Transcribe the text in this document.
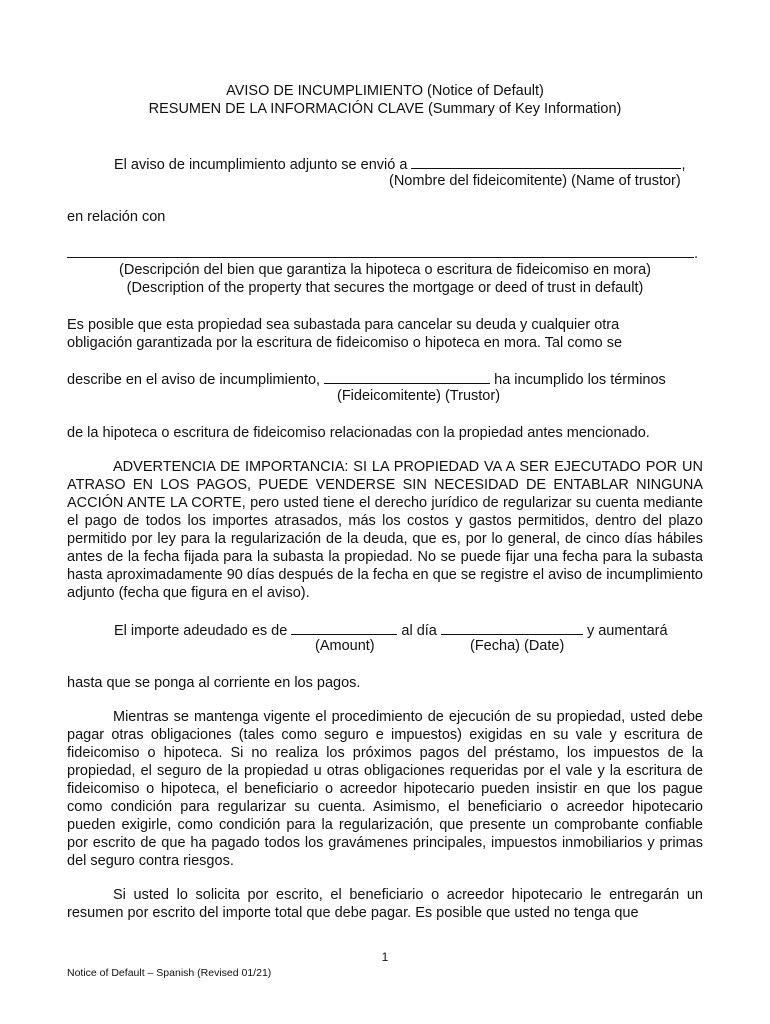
AVISO DE INCUMPLIMIENTO (Notice of Default)
RESUMEN DE LA INFORMACIÓN CLAVE (Summary of Key Information)
El aviso de incumplimiento adjunto se envió a	,
(Nombre del fideicomitente) (Name of trustor)
en relación con
.
(Descripción del bien que garantiza la hipoteca o escritura de fideicomiso en mora)
(Description of the property that secures the mortgage or deed of trust in default)
Es posible que esta propiedad sea subastada para cancelar su deuda y cualquier otra
obligación garantizada por la escritura de fideicomiso o hipoteca en mora. Tal como se
describe en el aviso de incumplimiento,	ha incumplido los términos
(Fideicomitente) (Trustor)
de la hipoteca o escritura de fideicomiso relacionadas con la propiedad antes mencionado.

ADVERTENCIA DE IMPORTANCIA: SI LA PROPIEDAD VA A SER EJECUTADO POR UN ATRASO EN LOS PAGOS, PUEDE VENDERSE SIN NECESIDAD DE ENTABLAR NINGUNA ACCIÓN ANTE LA CORTE, pero usted tiene el derecho jurídico de regularizar su cuenta mediante el pago de todos los importes atrasados, más los costos y gastos permitidos, dentro del plazo permitido por ley para la regularización de la deuda, que es, por lo general, de cinco días hábiles antes de la fecha fijada para la subasta la propiedad. No se puede fijar una fecha para la subasta hasta aproximadamente 90 días después de la fecha en que se registre el aviso de incumplimiento adjunto (fecha que figura en el aviso).

El importe adeudado es de	al día	y aumentará
(Amount)	(Fecha) (Date)
hasta que se ponga al corriente en los pagos.

Mientras se mantenga vigente el procedimiento de ejecución de su propiedad, usted debe pagar otras obligaciones (tales como seguro e impuestos) exigidas en su vale y escritura de fideicomiso o hipoteca. Si no realiza los próximos pagos del préstamo, los impuestos de la propiedad, el seguro de la propiedad u otras obligaciones requeridas por el vale y la escritura de fideicomiso o hipoteca, el beneficiario o acreedor hipotecario pueden insistir en que los pague como condición para regularizar su cuenta. Asimismo, el beneficiario o acreedor hipotecario pueden exigirle, como condición para la regularización, que presente un comprobante confiable por escrito de que ha pagado todos los gravámenes principales, impuestos inmobiliarios y primas del seguro contra riesgos.

Si usted lo solicita por escrito, el beneficiario o acreedor hipotecario le entregarán un resumen por escrito del importe total que debe pagar. Es posible que usted no tenga que

1
Notice of Default – Spanish (Revised 01/21)
